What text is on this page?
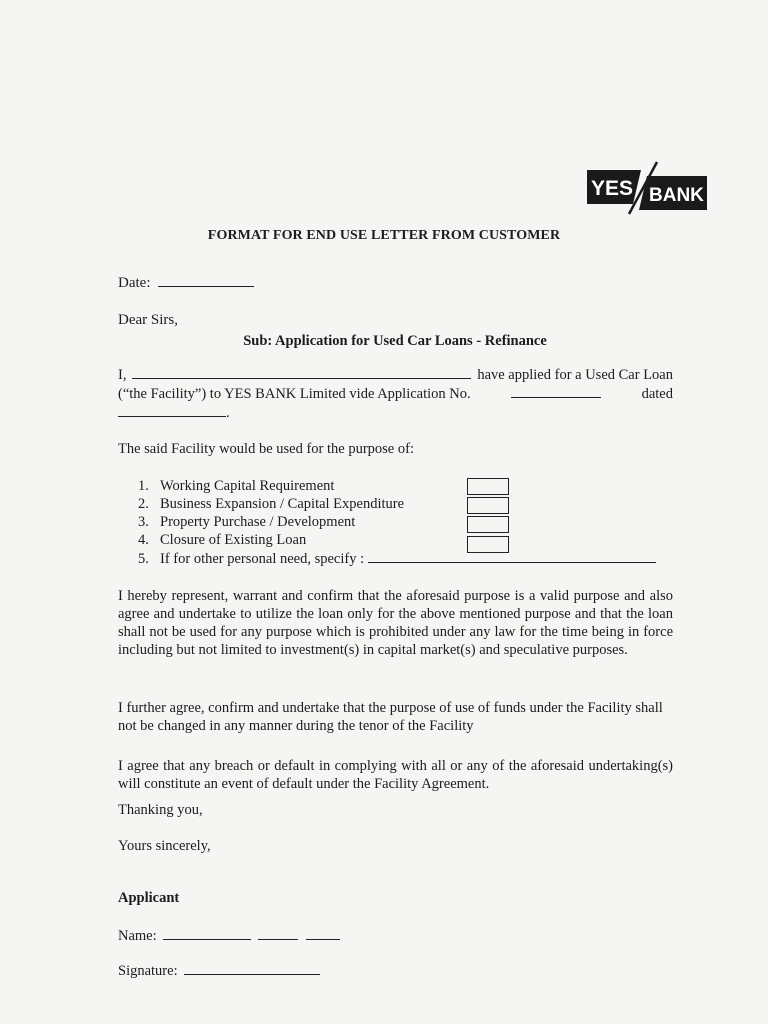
YES BANK
FORMAT FOR END USE LETTER FROM CUSTOMER
Date:
Dear Sirs,
Sub: Application for Used Car Loans - Refinance
I,	have applied for a Used Car Loan
(“the Facility”) to YES BANK Limited vide Application No.	dated
.
The said Facility would be used for the purpose of:
1. Working Capital Requirement
2. Business Expansion / Capital Expenditure
3. Property Purchase / Development
4. Closure of Existing Loan
5. If for other personal need, specify :
I hereby represent, warrant and confirm that the aforesaid purpose is a valid purpose and also agree and undertake to utilize the loan only for the above mentioned purpose and that the loan shall not be used for any purpose which is prohibited under any law for the time being in force including but not limited to investment(s) in capital market(s) and speculative purposes.
I further agree, confirm and undertake that the purpose of use of funds under the Facility shall not be changed in any manner during the tenor of the Facility
I agree that any breach or default in complying with all or any of the aforesaid undertaking(s) will constitute an event of default under the Facility Agreement.
Thanking you,
Yours sincerely,
Applicant
Name:
Signature:
